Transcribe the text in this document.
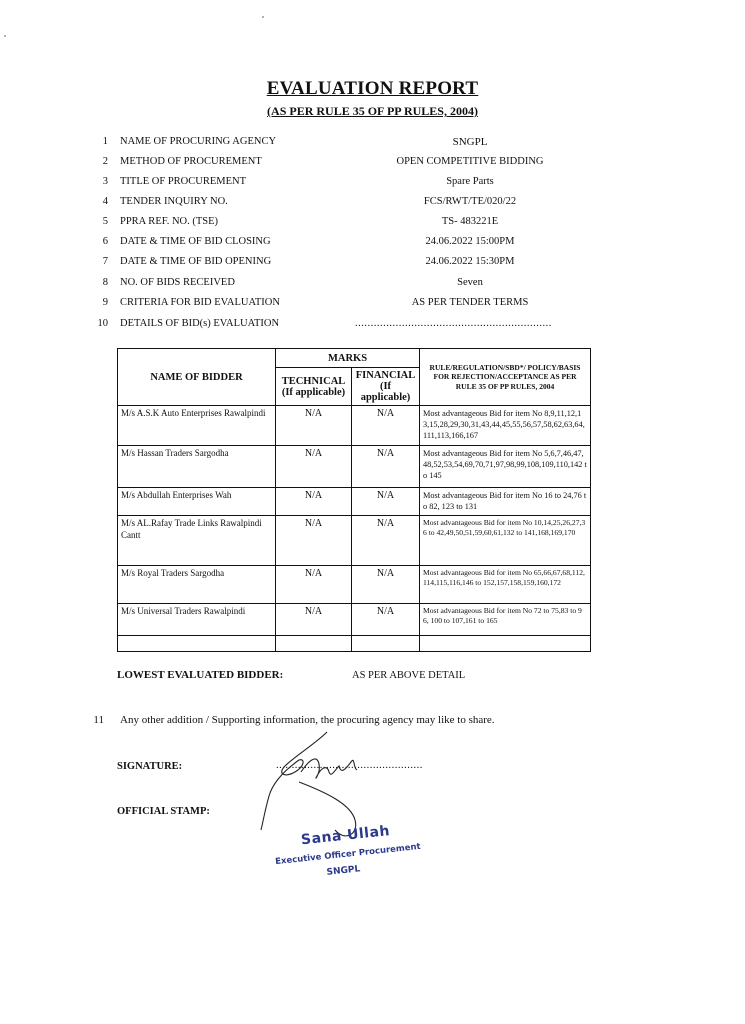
EVALUATION REPORT
(AS PER RULE 35 OF PP RULES, 2004)
1 NAME OF PROCURING AGENCY	SNGPL
2 METHOD OF PROCUREMENT	OPEN COMPETITIVE BIDDING
3 TITLE OF PROCUREMENT	Spare Parts
4 TENDER INQUIRY NO.	FCS/RWT/TE/020/22
5 PPRA REF. NO. (TSE)	TS- 483221E
6 DATE & TIME OF BID CLOSING	24.06.2022 15:00PM
7 DATE & TIME OF BID OPENING	24.06.2022 15:30PM
8 NO. OF BIDS RECEIVED	Seven
9 CRITERIA FOR BID EVALUATION	AS PER TENDER TERMS
10 DETAILS OF BID(s) EVALUATION	...............................................................
NAME OF BIDDER	MARKS		RULE/REGULATION/SBD*/ POLICY/BASIS FOR REJECTION/ACCEPTANCE AS PER RULE 35 OF PP RULES, 2004
	TECHNICAL (If applicable)	FINANCIAL (If applicable)	
M/s A.S.K Auto Enterprises Rawalpindi	N/A	N/A	Most advantageous Bid for item No 8,9,11,12,13,15,28,29,30,31,43,44,45,55,56,57,58,62,63,64,111,113,166,167
M/s Hassan Traders Sargodha	N/A	N/A	Most advantageous Bid for item No 5,6,7,46,47,48,52,53,54,69,70,71,97,98,99,108,109,110,142 to 145
M/s Abdullah Enterprises Wah	N/A	N/A	Most advantageous Bid for item No 16 to 24,76 to 82, 123 to 131
M/s AL.Rafay Trade Links Rawalpindi Cantt	N/A	N/A	Most advantageous Bid for item No 10,14,25,26,27,36 to 42,49,50,51,59,60,61,132 to 141,168,169,170
M/s Royal Traders Sargodha	N/A	N/A	Most advantageous Bid for item No 65,66,67,68,112,114,115,116,146 to 152,157,158,159,160,172
M/s Universal Traders Rawalpindi	N/A	N/A	Most advantageous Bid for item No 72 to 75,83 to 96, 100 to 107,161 to 165

LOWEST EVALUATED BIDDER:	AS PER ABOVE DETAIL
11 Any other addition / Supporting information, the procuring agency may like to share.
SIGNATURE:	...............................................
OFFICIAL STAMP:
Sana Ullah
Executive Officer Procurement
SNGPL
